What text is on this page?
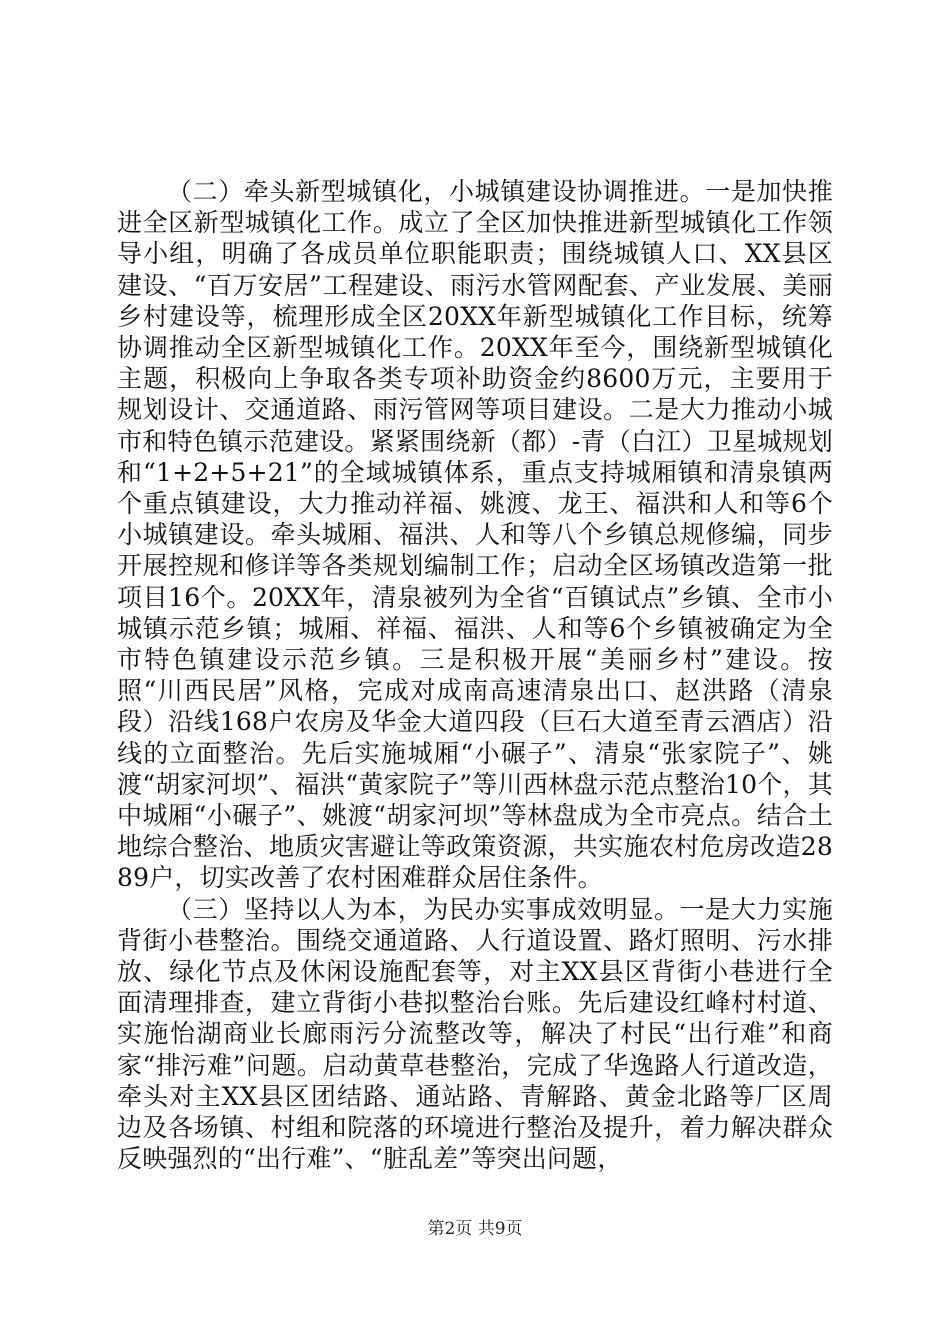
（二）牵头新型城镇化，小城镇建设协调推进。一是加快推进全区新型城镇化工作。成立了全区加快推进新型城镇化工作领导小组，明确了各成员单位职能职责；围绕城镇人口、XX县区建设、“百万安居”工程建设、雨污水管网配套、产业发展、美丽乡村建设等，梳理形成全区20XX年新型城镇化工作目标，统筹协调推动全区新型城镇化工作。20XX年至今，围绕新型城镇化主题，积极向上争取各类专项补助资金约8600万元，主要用于规划设计、交通道路、雨污管网等项目建设。二是大力推动小城市和特色镇示范建设。紧紧围绕新（都）-青（白江）卫星城规划和“1+2+5+21”的全域城镇体系，重点支持城厢镇和清泉镇两个重点镇建设，大力推动祥福、姚渡、龙王、福洪和人和等6个小城镇建设。牵头城厢、福洪、人和等八个乡镇总规修编，同步开展控规和修详等各类规划编制工作；启动全区场镇改造第一批项目16个。20XX年，清泉被列为全省“百镇试点”乡镇、全市小城镇示范乡镇；城厢、祥福、福洪、人和等6个乡镇被确定为全市特色镇建设示范乡镇。三是积极开展“美丽乡村”建设。按照“川西民居”风格，完成对成南高速清泉出口、赵洪路（清泉段）沿线168户农房及华金大道四段（巨石大道至青云酒店）沿线的立面整治。先后实施城厢“小碾子”、清泉“张家院子”、姚渡“胡家河坝”、福洪“黄家院子”等川西林盘示范点整治10个，其中城厢“小碾子”、姚渡“胡家河坝”等林盘成为全市亮点。结合土地综合整治、地质灾害避让等政策资源，共实施农村危房改造2889户，切实改善了农村困难群众居住条件。

（三）坚持以人为本，为民办实事成效明显。一是大力实施背街小巷整治。围绕交通道路、人行道设置、路灯照明、污水排放、绿化节点及休闲设施配套等，对主XX县区背街小巷进行全面清理排查，建立背街小巷拟整治台账。先后建设红峰村村道、实施怡湖商业长廊雨污分流整改等，解决了村民“出行难”和商家“排污难”问题。启动黄草巷整治，完成了华逸路人行道改造，牵头对主XX县区团结路、通站路、青解路、黄金北路等厂区周边及各场镇、村组和院落的环境进行整治及提升，着力解决群众反映强烈的“出行难”、“脏乱差”等突出问题，

第2页 共9页
